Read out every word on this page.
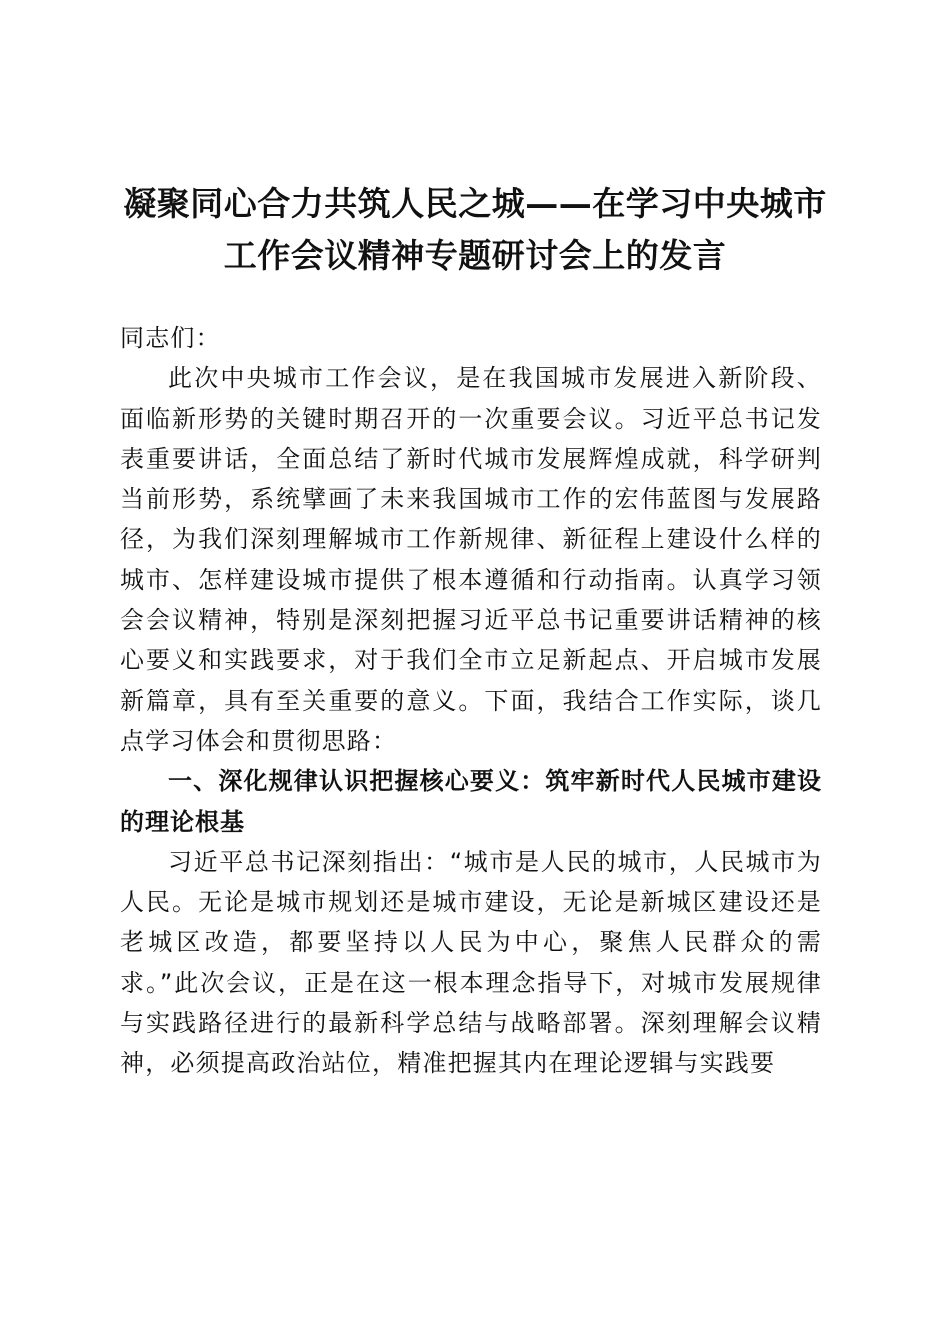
凝聚同心合力共筑人民之城——在学习中央城市工作会议精神专题研讨会上的发言

同志们：

此次中央城市工作会议，是在我国城市发展进入新阶段、面临新形势的关键时期召开的一次重要会议。习近平总书记发表重要讲话，全面总结了新时代城市发展辉煌成就，科学研判当前形势，系统擘画了未来我国城市工作的宏伟蓝图与发展路径，为我们深刻理解城市工作新规律、新征程上建设什么样的城市、怎样建设城市提供了根本遵循和行动指南。认真学习领会会议精神，特别是深刻把握习近平总书记重要讲话精神的核心要义和实践要求，对于我们全市立足新起点、开启城市发展新篇章，具有至关重要的意义。下面，我结合工作实际，谈几点学习体会和贯彻思路：

一、深化规律认识把握核心要义：筑牢新时代人民城市建设的理论根基

习近平总书记深刻指出：“城市是人民的城市，人民城市为人民。无论是城市规划还是城市建设，无论是新城区建设还是老城区改造，都要坚持以人民为中心，聚焦人民群众的需求。”此次会议，正是在这一根本理念指导下，对城市发展规律与实践路径进行的最新科学总结与战略部署。深刻理解会议精神，必须提高政治站位，精准把握其内在理论逻辑与实践要
